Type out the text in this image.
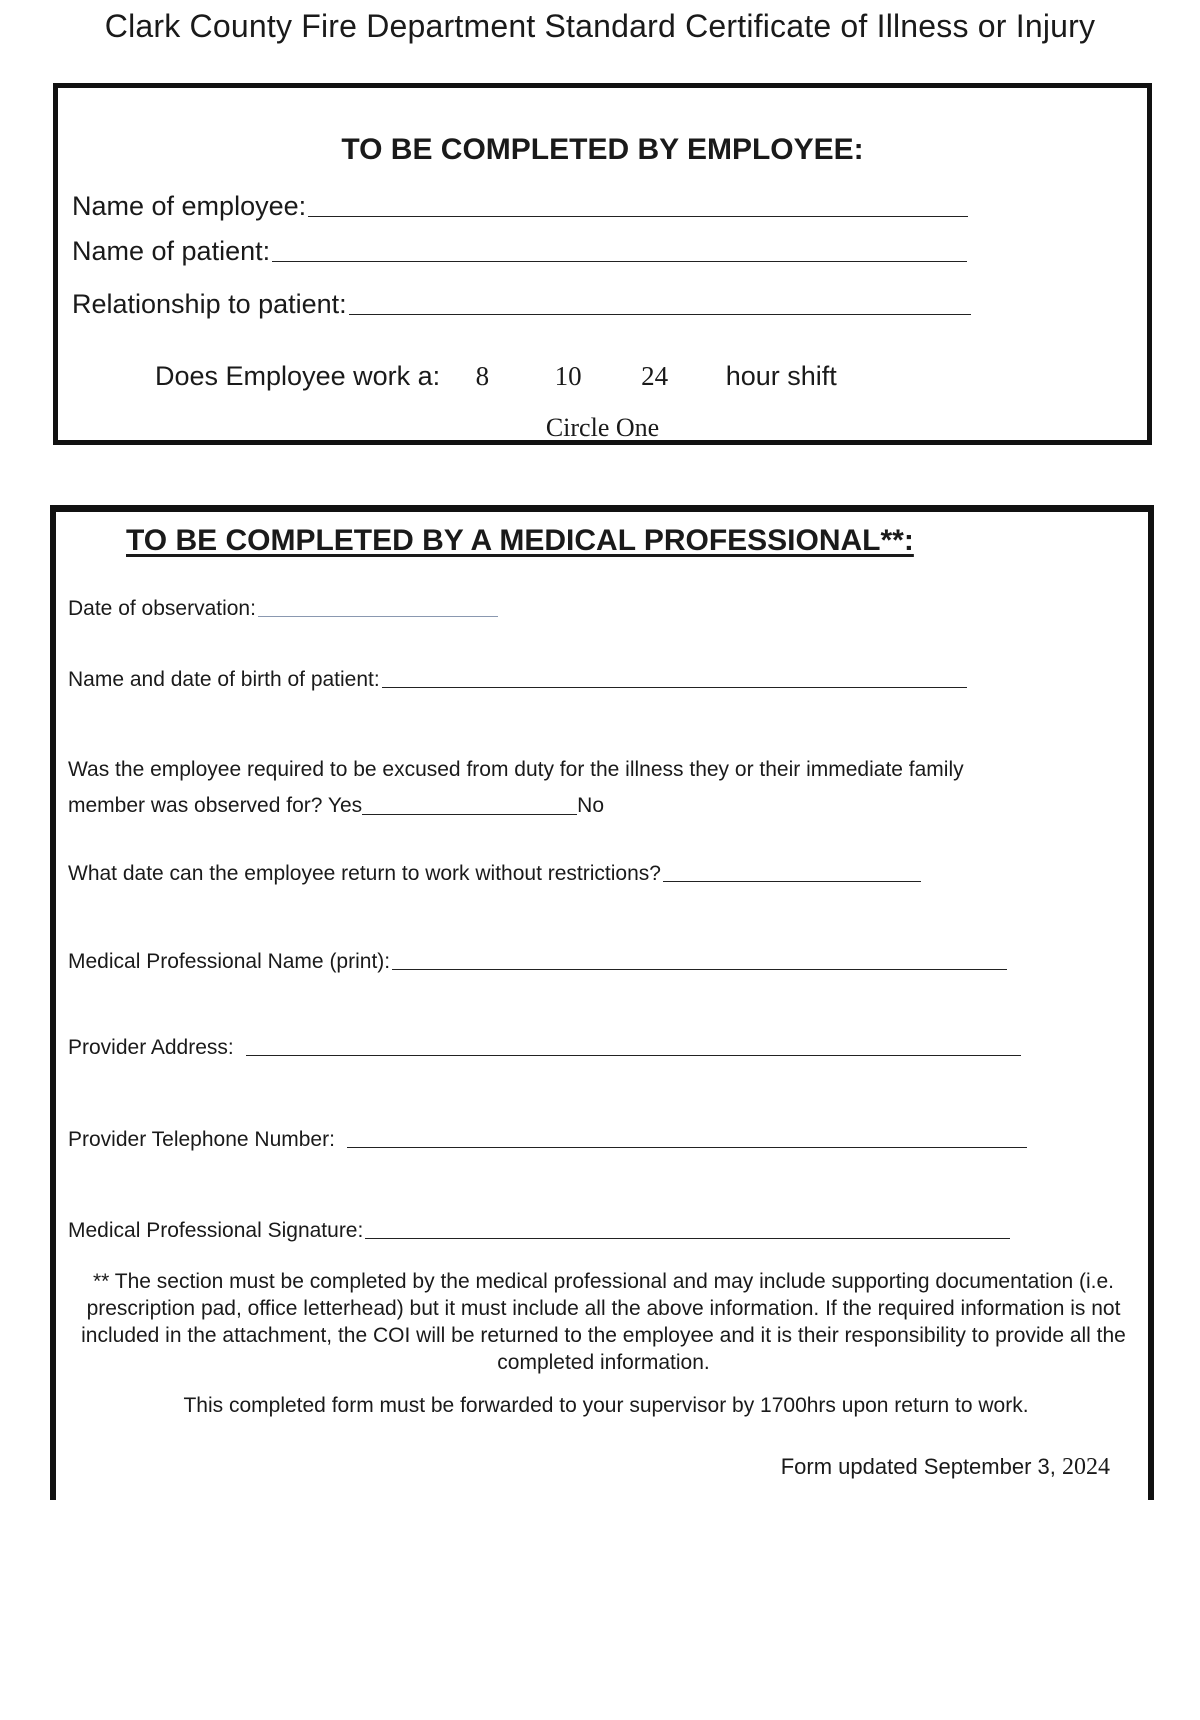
Clark County Fire Department Standard Certificate of Illness or Injury
TO BE COMPLETED BY EMPLOYEE:
Name of employee:
Name of patient:
Relationship to patient:
Does Employee work a: 8 10 24 hour shift
Circle One
TO BE COMPLETED BY A MEDICAL PROFESSIONAL**:
Date of observation:
Name and date of birth of patient:
Was the employee required to be excused from duty for the illness they or their immediate family
member was observed for? Yes	No
What date can the employee return to work without restrictions?
Medical Professional Name (print):
Provider Address:
Provider Telephone Number:
Medical Professional Signature:
** The section must be completed by the medical professional and may include supporting documentation (i.e. prescription pad, office letterhead) but it must include all the above information. If the required information is not included in the attachment, the COI will be returned to the employee and it is their responsibility to provide all the completed information.
This completed form must be forwarded to your supervisor by 1700hrs upon return to work.
Form updated September 3, 2024
